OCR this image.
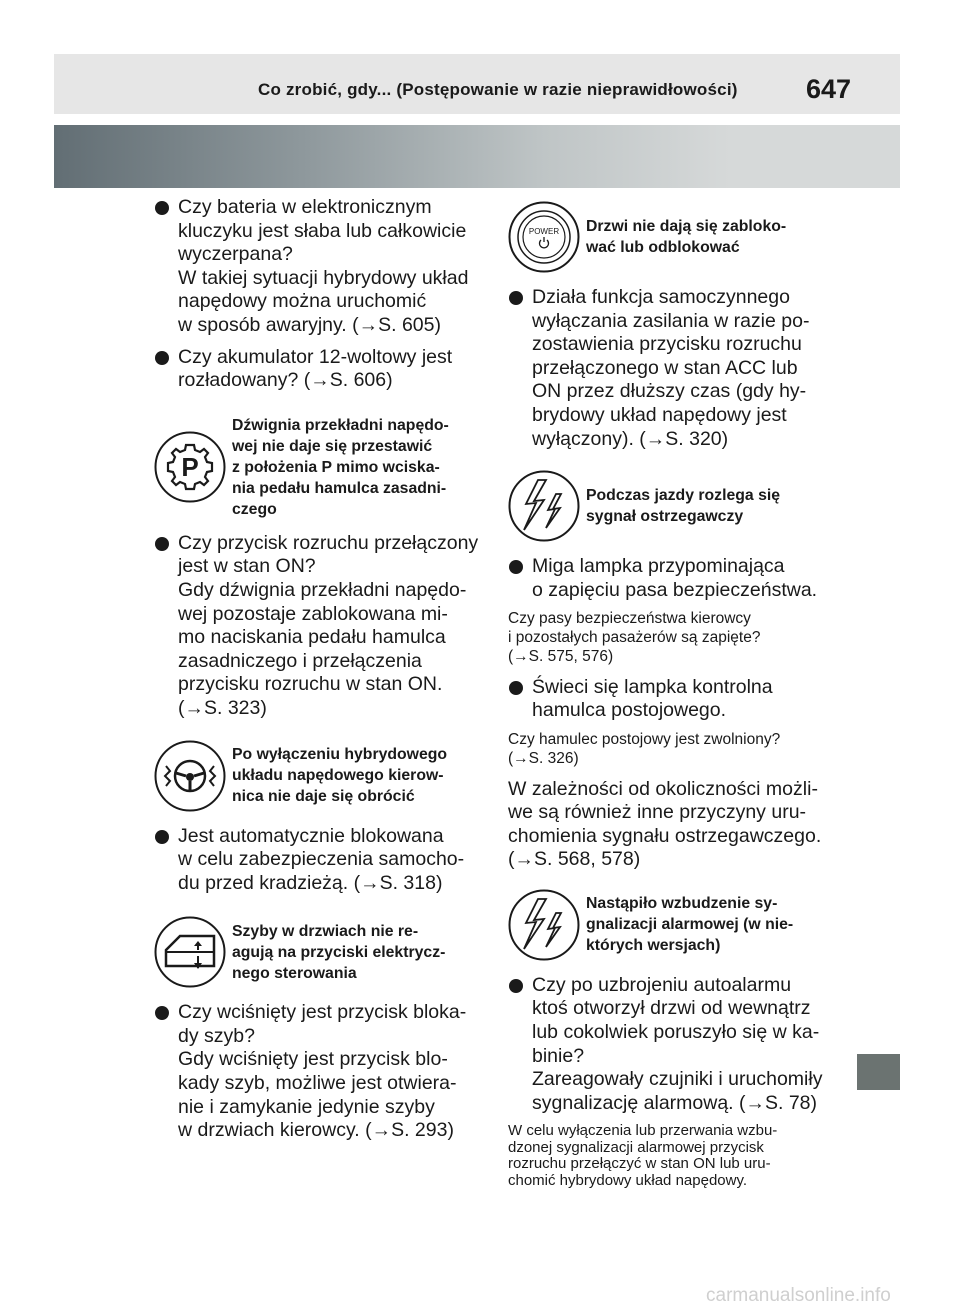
Co zrobić, gdy... (Postępowanie w razie nieprawidłowości)	647
Czy bateria w elektronicznym
kluczyku jest słaba lub całkowicie
wyczerpana?
W takiej sytuacji hybrydowy układ
napędowy można uruchomić
w sposób awaryjny. (→S. 605)
Czy akumulator 12-woltowy jest
rozładowany? (→S. 606)
P
Dźwignia przekładni napędo-
wej nie daje się przestawić
z położenia P mimo wciska-
nia pedału hamulca zasadni-
czego
Czy przycisk rozruchu przełączony
jest w stan ON?
Gdy dźwignia przekładni napędo-
wej pozostaje zablokowana mi-
mo naciskania pedału hamulca
zasadniczego i przełączenia
przycisku rozruchu w stan ON.
(→S. 323)
Po wyłączeniu hybrydowego
układu napędowego kierow-
nica nie daje się obrócić
Jest automatycznie blokowana
w celu zabezpieczenia samocho-
du przed kradzieżą. (→S. 318)
Szyby w drzwiach nie re-
agują na przyciski elektrycz-
nego sterowania
Czy wciśnięty jest przycisk bloka-
dy szyb?
Gdy wciśnięty jest przycisk blo-
kady szyb, możliwe jest otwiera-
nie i zamykanie jedynie szyby
w drzwiach kierowcy. (→S. 293)
POWER Drzwi nie dają się zabloko-
wać lub odblokować
Działa funkcja samoczynnego
wyłączania zasilania w razie po-
zostawienia przycisku rozruchu
przełączonego w stan ACC lub
ON przez dłuższy czas (gdy hy-
brydowy układ napędowy jest
wyłączony). (→S. 320)
Podczas jazdy rozlega się
sygnał ostrzegawczy
Miga lampka przypominająca
o zapięciu pasa bezpieczeństwa.
Czy pasy bezpieczeństwa kierowcy
i pozostałych pasażerów są zapięte?
(→S. 575, 576)
Świeci się lampka kontrolna
hamulca postojowego.
Czy hamulec postojowy jest zwolniony?
(→S. 326)
W zależności od okoliczności możli-
we są również inne przyczyny uru-
chomienia sygnału ostrzegawczego.
(→S. 568, 578)
Nastąpiło wzbudzenie sy-
gnalizacji alarmowej (w nie-
których wersjach)
Czy po uzbrojeniu autoalarmu
ktoś otworzył drzwi od wewnątrz
lub cokolwiek poruszyło się w ka-
binie?
Zareagowały czujniki i uruchomiły
sygnalizację alarmową. (→S. 78)
W celu wyłączenia lub przerwania wzbu-
dzonej sygnalizacji alarmowej przycisk
rozruchu przełączyć w stan ON lub uru-
chomić hybrydowy układ napędowy.
carmanualsonline.info
